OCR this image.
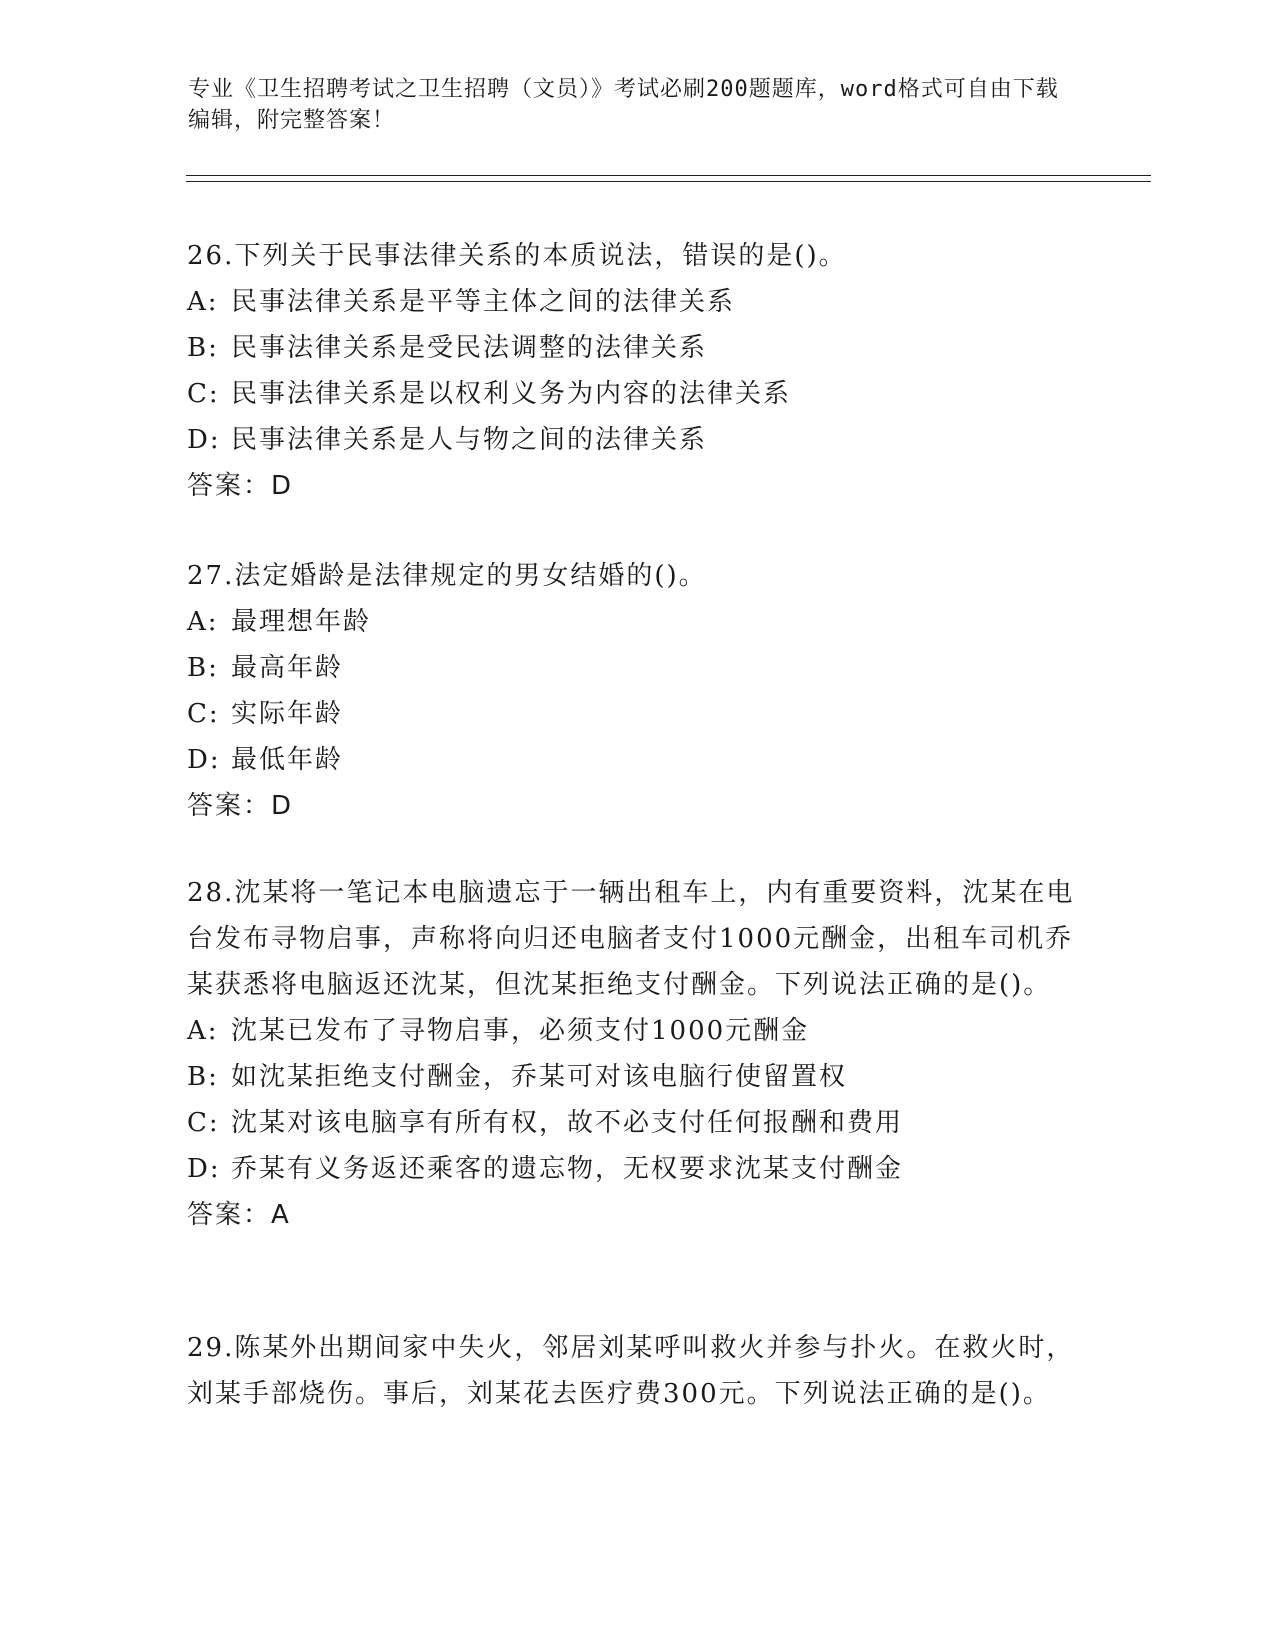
专业《卫生招聘考试之卫生招聘（文员）》考试必刷200题题库，word格式可自由下载编辑，附完整答案！

26.下列关于民事法律关系的本质说法，错误的是()。

A: 民事法律关系是平等主体之间的法律关系

B: 民事法律关系是受民法调整的法律关系

C: 民事法律关系是以权利义务为内容的法律关系

D: 民事法律关系是人与物之间的法律关系

答案：D

27.法定婚龄是法律规定的男女结婚的()。

A: 最理想年龄

B: 最高年龄

C: 实际年龄

D: 最低年龄

答案：D

28.沈某将一笔记本电脑遗忘于一辆出租车上，内有重要资料，沈某在电台发布寻物启事，声称将向归还电脑者支付1000元酬金，出租车司机乔某获悉将电脑返还沈某，但沈某拒绝支付酬金。下列说法正确的是()。

A: 沈某已发布了寻物启事，必须支付1000元酬金

B: 如沈某拒绝支付酬金，乔某可对该电脑行使留置权

C: 沈某对该电脑享有所有权，故不必支付任何报酬和费用

D: 乔某有义务返还乘客的遗忘物，无权要求沈某支付酬金

答案：A

29.陈某外出期间家中失火，邻居刘某呼叫救火并参与扑火。在救火时，刘某手部烧伤。事后，刘某花去医疗费300元。下列说法正确的是()。
